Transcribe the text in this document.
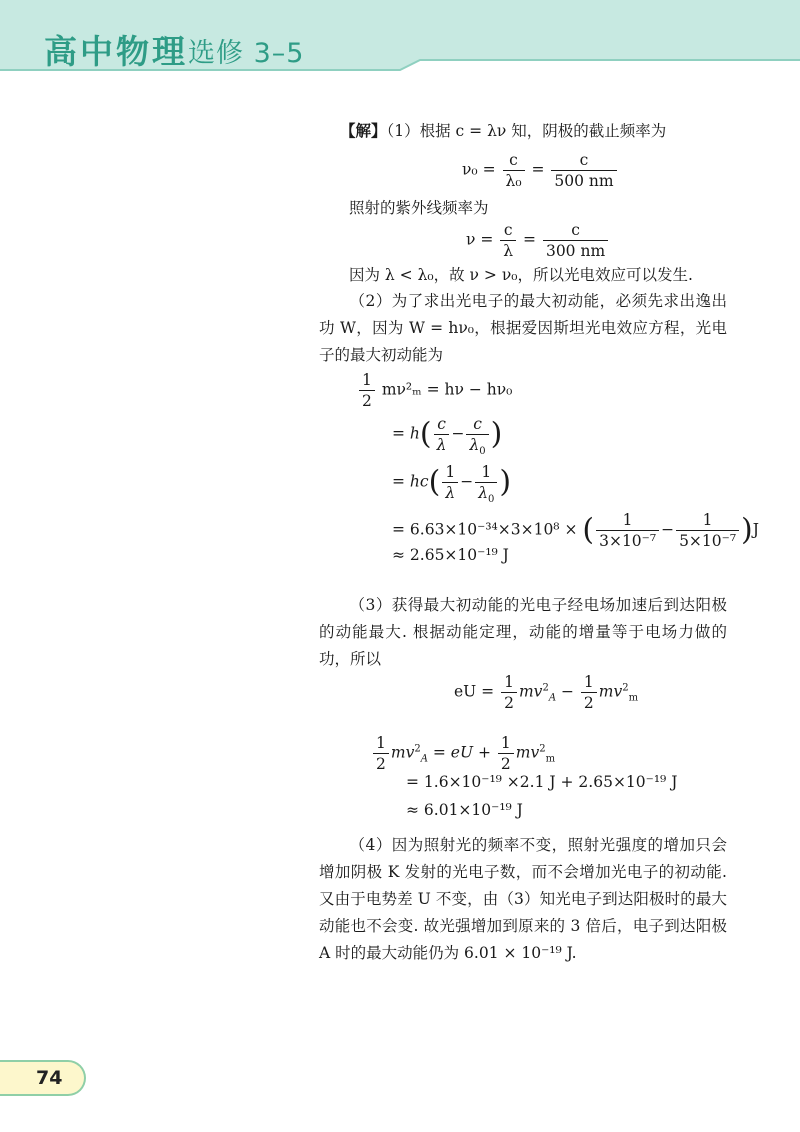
高中物理 选修 3–5
【解】（1）根据 c = λν 知，阴极的截止频率为
$\nu_0 = \frac{c}{\text{λ₀}} = \frac{c}{500 nm}$
照射的紫外线频率为
$\nu = \frac{c}{\lambda} = \frac{c}{300 nm}$
因为 λ < λ₀，故 ν > ν₀，所以光电效应可以发生.
（2）为了求出光电子的最大初动能，必须先求出逸出功 W，因为 W = hν₀，根据爱因斯坦光电效应方程，光电子的最大初动能为
$\frac{1}{2} m\nu^2_m = h\nu - h\nu_0$
= $h( \frac{c}{\lambda} - \frac{c}{\lambda_0}$ )
= $hc( \frac{1}{\lambda} - \frac{1}{\lambda_0}$ )
= 6.63×10⁻³⁴×3×10⁸ × ( $\frac{1}{\text{3×10⁻⁷}} - \frac{1}{\text{5×10⁻⁷}} )J$
≈ 2.65×10⁻¹⁹ J
（3）获得最大初动能的光电子经电场加速后到达阳极的动能最大. 根据动能定理，动能的增量等于电场力做的功，所以
eU = $\frac{1}{2} mv^2_A - \frac{1}{2} mv^2_m$
$\frac{1}{2} mv^2_A$ = eU + $\frac{1}{2} mv^2_m$
= 1.6×10⁻¹⁹ ×2.1 J + 2.65×10⁻¹⁹ J
≈ 6.01×10⁻¹⁹ J
（4）因为照射光的频率不变，照射光强度的增加只会增加阴极 K 发射的光电子数，而不会增加光电子的初动能. 又由于电势差 U 不变，由（3）知光电子到达阳极时的最大动能也不会变. 故光强增加到原来的 3 倍后，电子到达阳极 A 时的最大动能仍为 6.01 × 10⁻¹⁹ J.
74
